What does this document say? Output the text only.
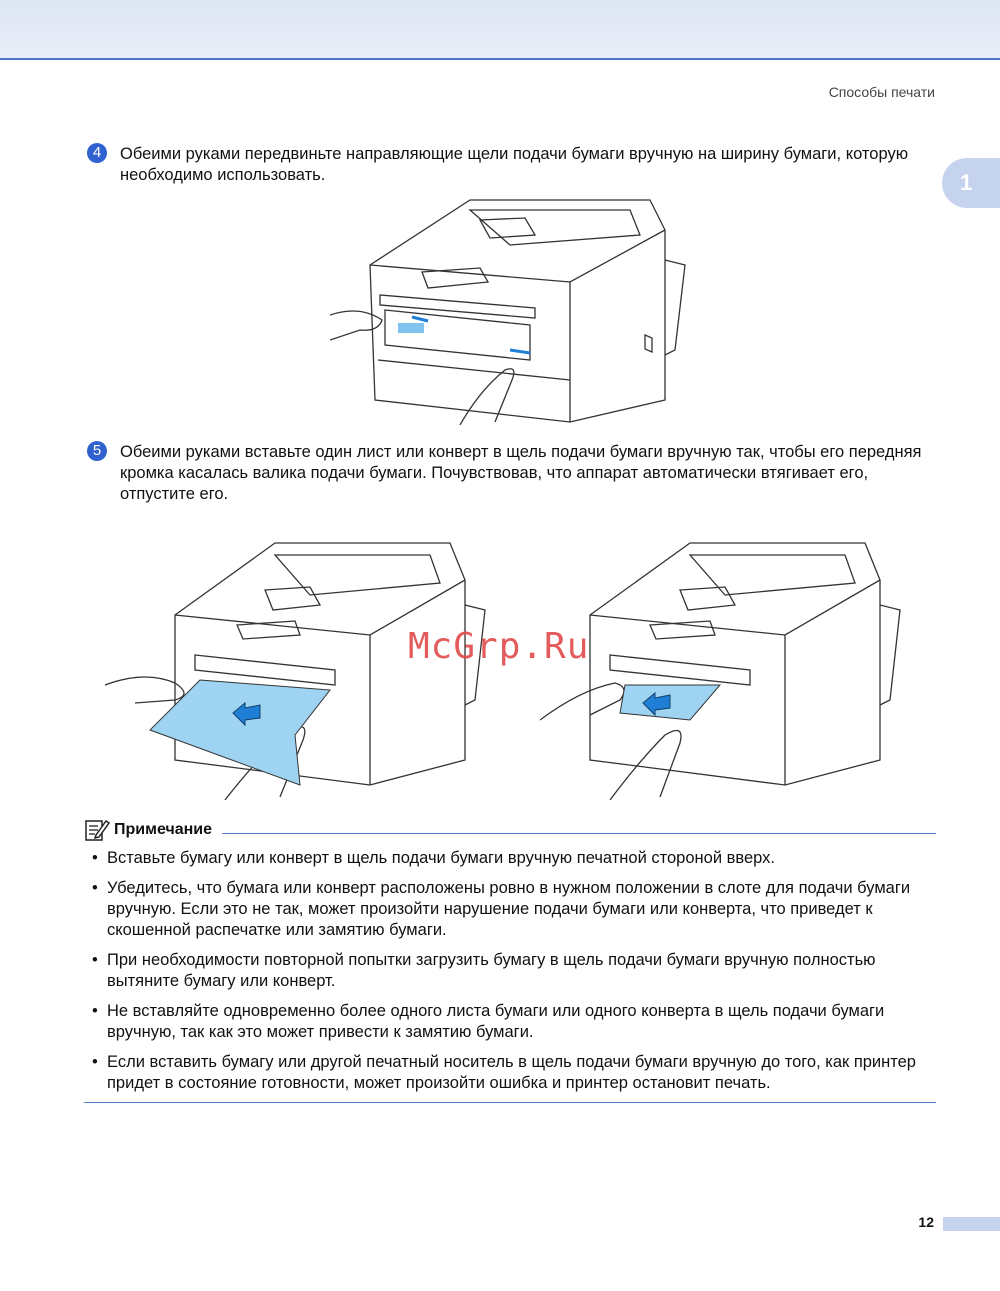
Способы печати
1
4	Обеими руками передвиньте направляющие щели подачи бумаги вручную на ширину бумаги, которую необходимо использовать.
5	Обеими руками вставьте один лист или конверт в щель подачи бумаги вручную так, чтобы его передняя кромка касалась валика подачи бумаги. Почувствовав, что аппарат автоматически втягивает его, отпустите его.
McGrp.Ru
Примечание
• Вставьте бумагу или конверт в щель подачи бумаги вручную печатной стороной вверх.
• Убедитесь, что бумага или конверт расположены ровно в нужном положении в слоте для подачи бумаги вручную. Если это не так, может произойти нарушение подачи бумаги или конверта, что приведет к скошенной распечатке или замятию бумаги.
• При необходимости повторной попытки загрузить бумагу в щель подачи бумаги вручную полностью вытяните бумагу или конверт.
• Не вставляйте одновременно более одного листа бумаги или одного конверта в щель подачи бумаги вручную, так как это может привести к замятию бумаги.
• Если вставить бумагу или другой печатный носитель в щель подачи бумаги вручную до того, как принтер придет в состояние готовности, может произойти ошибка и принтер остановит печать.
12
